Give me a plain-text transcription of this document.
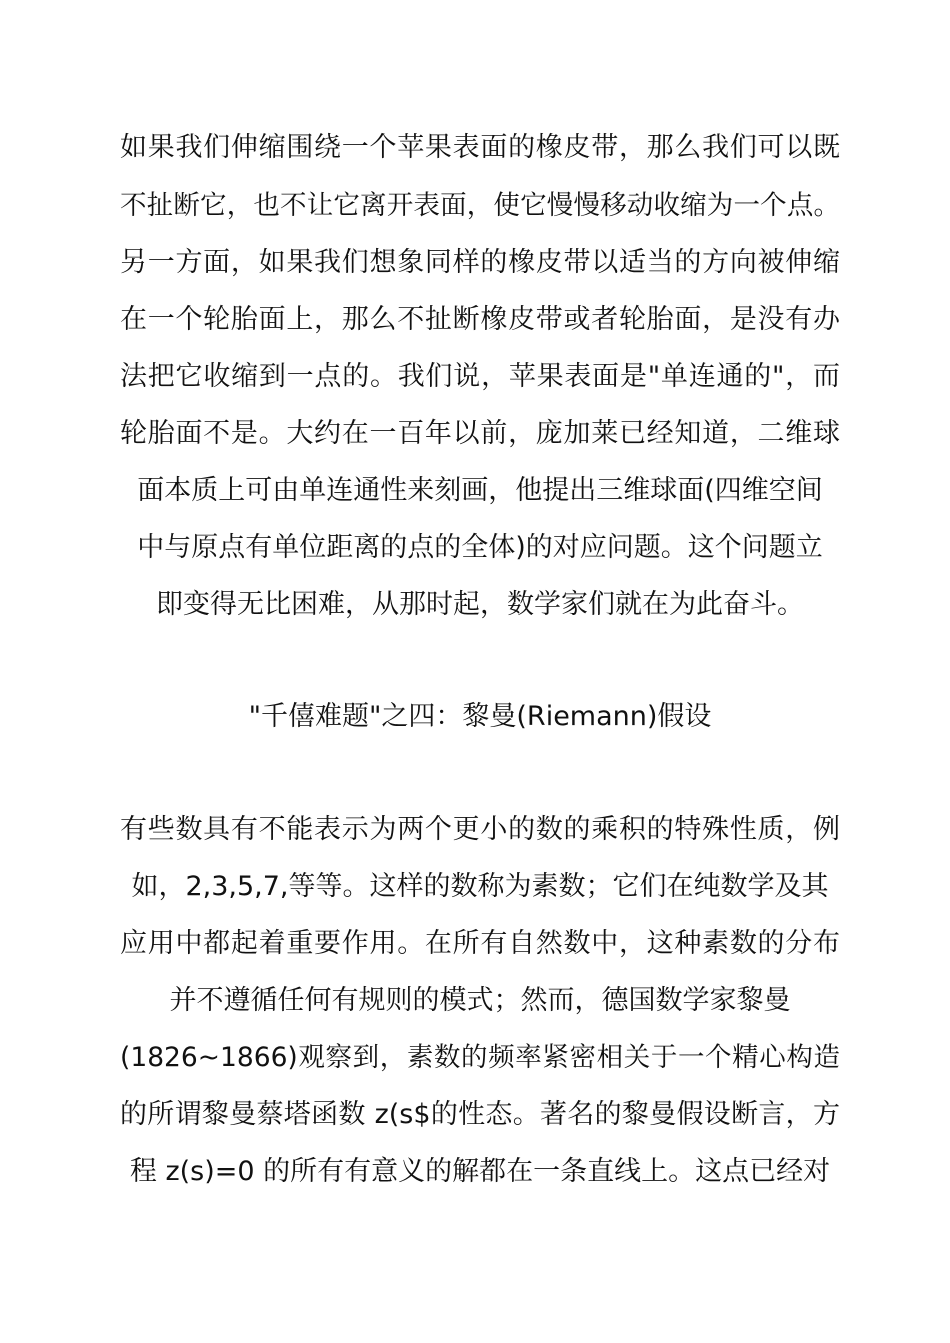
如果我们伸缩围绕一个苹果表面的橡皮带，那么我们可以既
不扯断它，也不让它离开表面，使它慢慢移动收缩为一个点。
另一方面，如果我们想象同样的橡皮带以适当的方向被伸缩
在一个轮胎面上，那么不扯断橡皮带或者轮胎面，是没有办
法把它收缩到一点的。我们说，苹果表面是"单连通的"，而
轮胎面不是。大约在一百年以前，庞加莱已经知道，二维球
面本质上可由单连通性来刻画，他提出三维球面(四维空间
中与原点有单位距离的点的全体)的对应问题。这个问题立
即变得无比困难，从那时起，数学家们就在为此奋斗。
"千僖难题"之四：黎曼(Riemann)假设
有些数具有不能表示为两个更小的数的乘积的特殊性质，例
如，2,3,5,7,等等。这样的数称为素数；它们在纯数学及其
应用中都起着重要作用。在所有自然数中，这种素数的分布
并不遵循任何有规则的模式；然而，德国数学家黎曼
(1826~1866)观察到，素数的频率紧密相关于一个精心构造
的所谓黎曼蔡塔函数 z(s$的性态。著名的黎曼假设断言，方
程 z(s)=0 的所有有意义的解都在一条直线上。这点已经对
